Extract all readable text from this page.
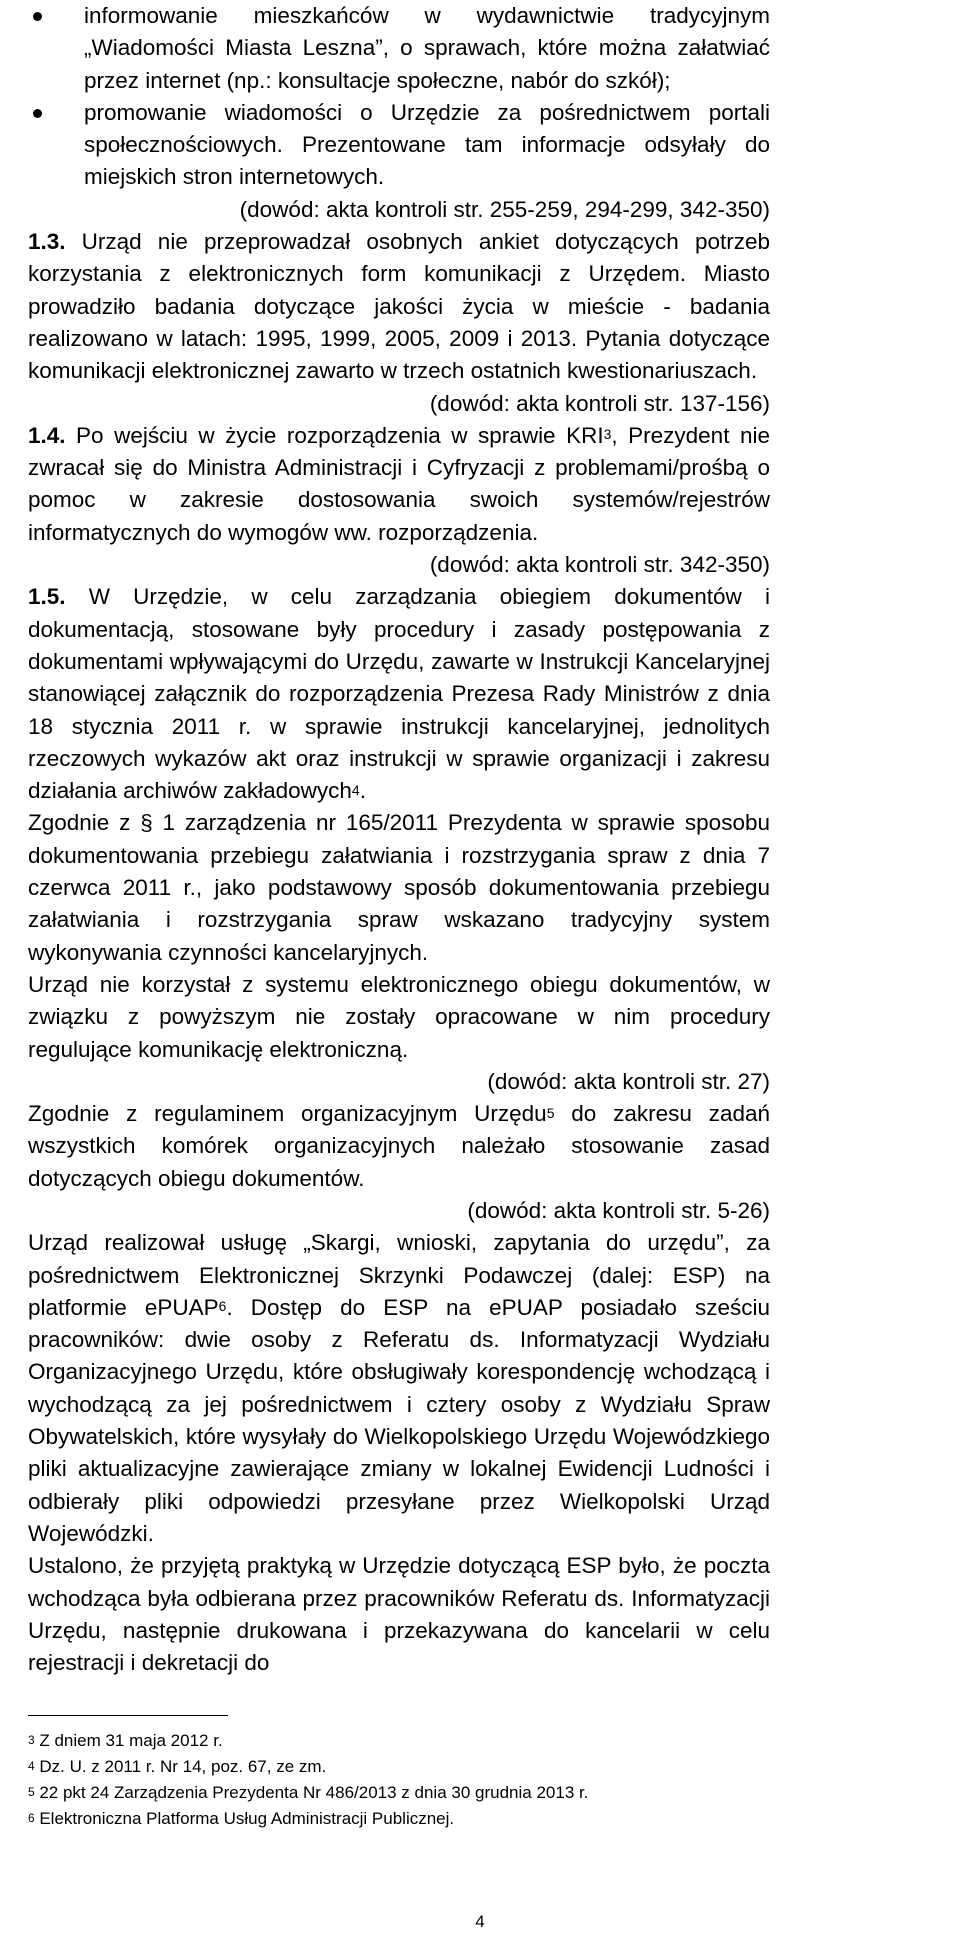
informowanie mieszkańców w wydawnictwie tradycyjnym „Wiadomości Miasta Leszna”, o sprawach, które można załatwiać przez internet (np.: konsultacje społeczne, nabór do szkół);
promowanie wiadomości o Urzędzie za pośrednictwem portali społecznościowych. Prezentowane tam informacje odsyłały do miejskich stron internetowych.

(dowód: akta kontroli str. 255-259, 294-299, 342-350)

1.3. Urząd nie przeprowadzał osobnych ankiet dotyczących potrzeb korzystania z elektronicznych form komunikacji z Urzędem. Miasto prowadziło badania dotyczące jakości życia w mieście - badania realizowano w latach: 1995, 1999, 2005, 2009 i 2013. Pytania dotyczące komunikacji elektronicznej zawarto w trzech ostatnich kwestionariuszach.

(dowód: akta kontroli str. 137-156)

1.4. Po wejściu w życie rozporządzenia w sprawie KRI$^3$, Prezydent nie zwracał się do Ministra Administracji i Cyfryzacji z problemami/prośbą o pomoc w zakresie dostosowania swoich systemów/rejestrów informatycznych do wymogów ww. rozporządzenia.

(dowód: akta kontroli str. 342-350)

1.5. W Urzędzie, w celu zarządzania obiegiem dokumentów i dokumentacją, stosowane były procedury i zasady postępowania z dokumentami wpływającymi do Urzędu, zawarte w Instrukcji Kancelaryjnej stanowiącej załącznik do rozporządzenia Prezesa Rady Ministrów z dnia 18 stycznia 2011 r. w sprawie instrukcji kancelaryjnej, jednolitych rzeczowych wykazów akt oraz instrukcji w sprawie organizacji i zakresu działania archiwów zakładowych$^4$.

Zgodnie z § 1 zarządzenia nr 165/2011 Prezydenta w sprawie sposobu dokumentowania przebiegu załatwiania i rozstrzygania spraw z dnia 7 czerwca 2011 r., jako podstawowy sposób dokumentowania przebiegu załatwiania i rozstrzygania spraw wskazano tradycyjny system wykonywania czynności kancelaryjnych.

Urząd nie korzystał z systemu elektronicznego obiegu dokumentów, w związku z powyższym nie zostały opracowane w nim procedury regulujące komunikację elektroniczną.

(dowód: akta kontroli str. 27)

Zgodnie z regulaminem organizacyjnym Urzędu$^5$ do zakresu zadań wszystkich komórek organizacyjnych należało stosowanie zasad dotyczących obiegu dokumentów.

(dowód: akta kontroli str. 5-26)

Urząd realizował usługę „Skargi, wnioski, zapytania do urzędu”, za pośrednictwem Elektronicznej Skrzynki Podawczej (dalej: ESP) na platformie ePUAP$^6$. Dostęp do ESP na ePUAP posiadało sześciu pracowników: dwie osoby z Referatu ds. Informatyzacji Wydziału Organizacyjnego Urzędu, które obsługiwały korespondencję wchodzącą i wychodzącą za jej pośrednictwem i cztery osoby z Wydziału Spraw Obywatelskich, które wysyłały do Wielkopolskiego Urzędu Wojewódzkiego pliki aktualizacyjne zawierające zmiany w lokalnej Ewidencji Ludności i odbierały pliki odpowiedzi przesyłane przez Wielkopolski Urząd Wojewódzki.

Ustalono, że przyjętą praktyką w Urzędzie dotyczącą ESP było, że poczta wchodząca była odbierana przez pracowników Referatu ds. Informatyzacji Urzędu, następnie drukowana i przekazywana do kancelarii w celu rejestracji i dekretacji do

$^3$ Z dniem 31 maja 2012 r.

$^4$ Dz. U. z 2011 r. Nr 14, poz. 67, ze zm.

$^5$ 22 pkt 24 Zarządzenia Prezydenta Nr 486/2013 z dnia 30 grudnia 2013 r.

$^6$ Elektroniczna Platforma Usług Administracji Publicznej.

4
